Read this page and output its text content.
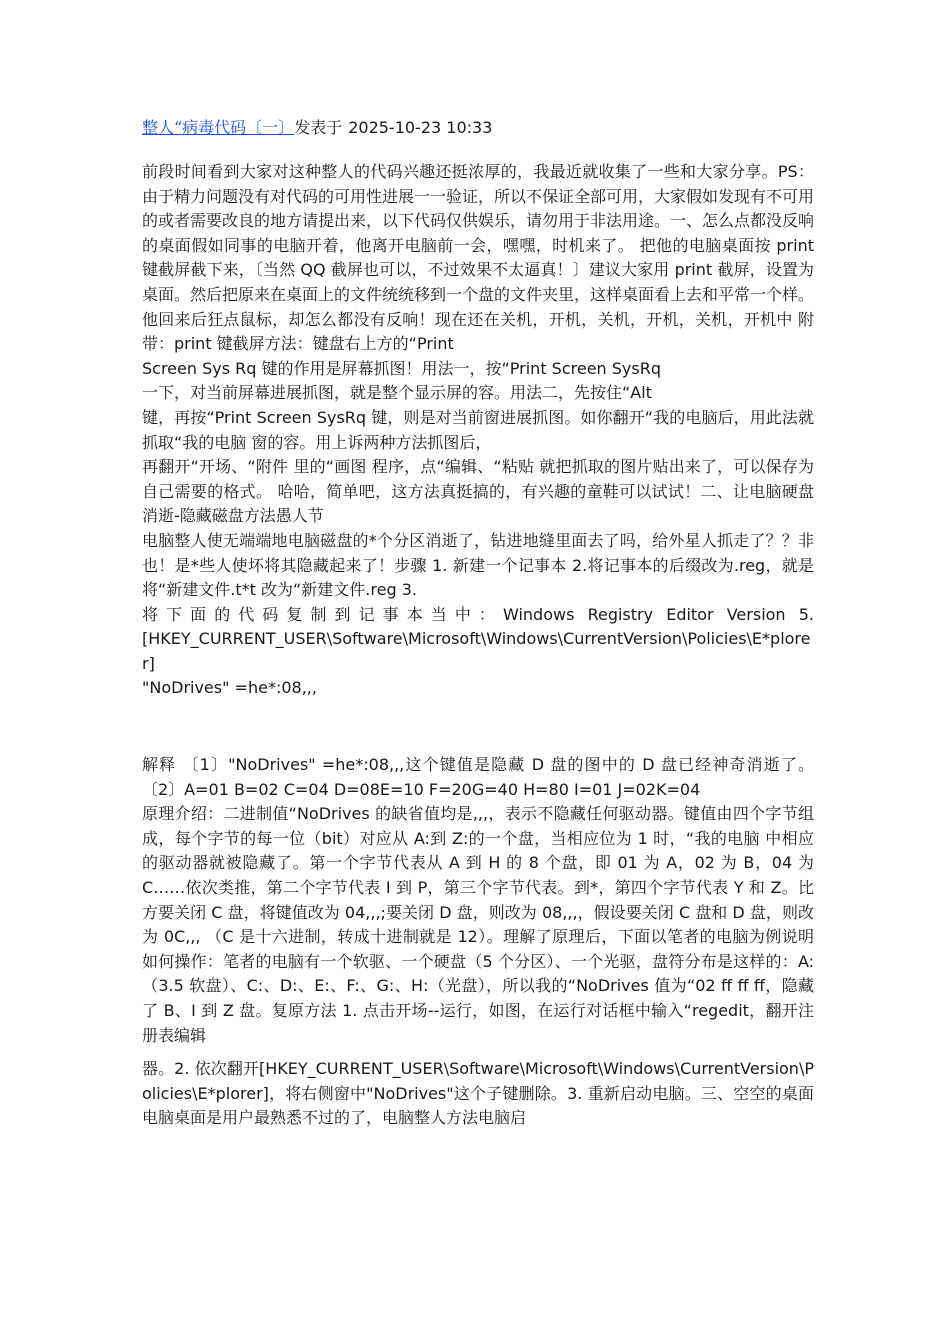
整人“病毒代码〔一〕发表于 2025-10-23 10:33

前段时间看到大家对这种整人的代码兴趣还挺浓厚的，我最近就收集了一些和大家分享。PS：由于精力问题没有对代码的可用性进展一一验证，所以不保证全部可用，大家假如发现有不可用的或者需要改良的地方请提出来，以下代码仅供娱乐，请勿用于非法用途。一、怎么点都没反响的桌面假如同事的电脑开着，他离开电脑前一会，嘿嘿，时机来了。 把他的电脑桌面按 print 键截屏截下来，〔当然 QQ 截屏也可以，不过效果不太逼真！〕建议大家用 print 截屏，设置为桌面。然后把原来在桌面上的文件统统移到一个盘的文件夹里，这样桌面看上去和平常一个样。他回来后狂点鼠标，却怎么都没有反响！现在还在关机，开机，关机，开机，关机，开机中 附带：print 键截屏方法：键盘右上方的“Print

Screen Sys Rq 键的作用是屏幕抓图！用法一，按“Print Screen SysRq

一下，对当前屏幕进展抓图，就是整个显示屏的容。用法二，先按住“Alt

键，再按“Print Screen SysRq 键，则是对当前窗进展抓图。如你翻开“我的电脑后，用此法就抓取“我的电脑 窗的容。用上诉两种方法抓图后，

再翻开“开场、“附件 里的“画图 程序，点“编辑、“粘贴 就把抓取的图片贴出来了，可以保存为自己需要的格式。 哈哈，简单吧，这方法真挺搞的，有兴趣的童鞋可以试试！二、让电脑硬盘消逝-隐藏磁盘方法愚人节

电脑整人使无端端地电脑磁盘的*个分区消逝了，钻进地缝里面去了吗，给外星人抓走了？？非也！是*些人使坏将其隐藏起来了！步骤 1. 新建一个记事本 2.将记事本的后缀改为.reg，就是将“新建文件.t*t 改为“新建文件.reg 3.

将下面的代码复制到记事本当中：Windows Registry Editor Version 5.

[HKEY_CURRENT_USER\Software\Microsoft\Windows\CurrentVersion\Policies\E*plorer]

"NoDrives" =he*:08,,,

解释 〔1〕"NoDrives" =he*:08,,,这个键值是隐藏 D 盘的图中的 D 盘已经神奇消逝了。 〔2〕A=01 B=02 C=04 D=08E=10 F=20G=40 H=80 I=01 J=02K=04

原理介绍：二进制值“NoDrives 的缺省值均是,,,，表示不隐藏任何驱动器。键值由四个字节组成，每个字节的每一位（bit）对应从 A:到 Z:的一个盘，当相应位为 1 时，“我的电脑 中相应的驱动器就被隐藏了。第一个字节代表从 A 到 H 的 8 个盘，即 01 为 A，02 为 B，04 为 C……依次类推，第二个字节代表 I 到 P，第三个字节代表。到*，第四个字节代表 Y 和 Z。比方要关闭 C 盘，将键值改为 04,,,;要关闭 D 盘，则改为 08,,,，假设要关闭 C 盘和 D 盘，则改为 0C,,, （C 是十六进制，转成十进制就是 12）。理解了原理后，下面以笔者的电脑为例说明如何操作：笔者的电脑有一个软驱、一个硬盘（5 个分区）、一个光驱，盘符分布是这样的：A:（3.5 软盘）、C:、D:、E:、F:、G:、H:（光盘），所以我的“NoDrives 值为“02 ff ff ff，隐藏了 B、I 到 Z 盘。复原方法 1. 点击开场--运行，如图，在运行对话框中输入“regedit，翻开注册表编辑

器。2. 依次翻开[HKEY_CURRENT_USER\Software\Microsoft\Windows\CurrentVersion\Policies\E*plorer]，将右侧窗中"NoDrives"这个子键删除。3. 重新启动电脑。三、空空的桌面电脑桌面是用户最熟悉不过的了，电脑整人方法电脑启
